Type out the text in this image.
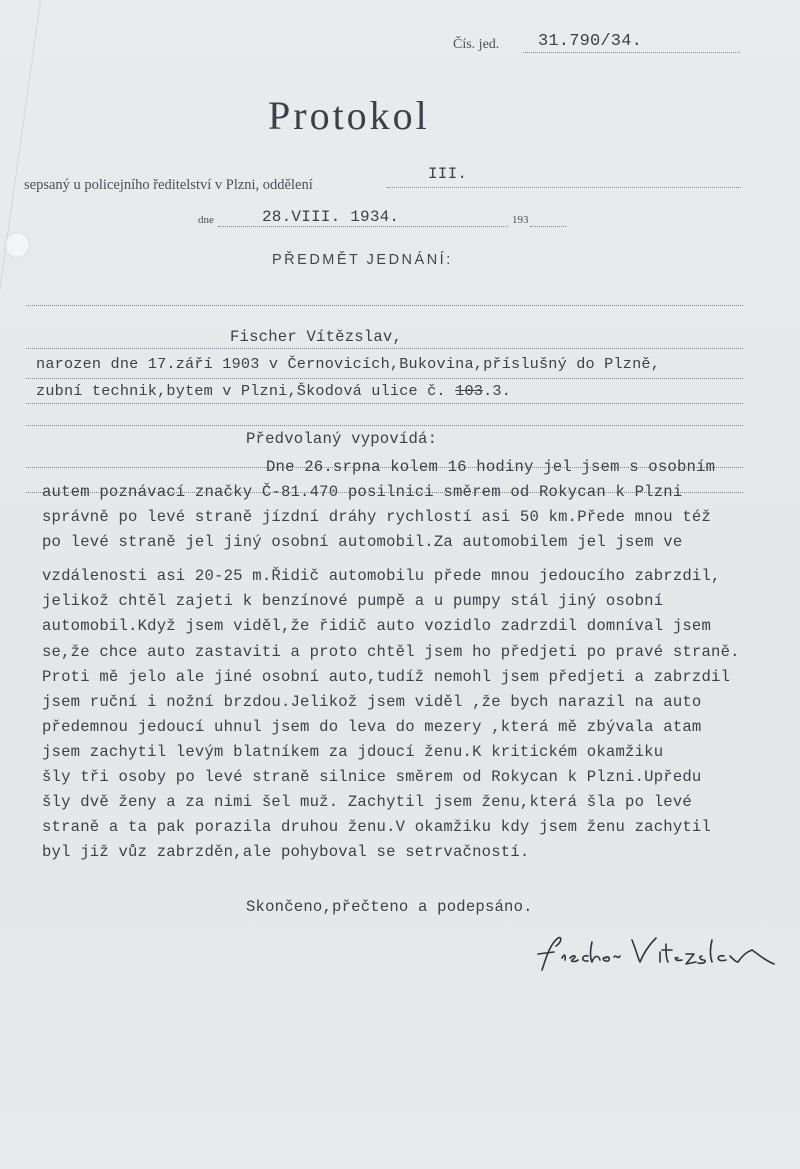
Čís. jed. 31.790/34.
Protokol
sepsaný u policejního ředitelství v Plzni, oddělení
III.
dne	28.VIII. 1934.	193
PŘEDMĚT JEDNÁNÍ:
Fischer Vítězslav,
narozen dne 17.září 1903 v Černovicích,Bukovina,příslušný do Plzně,
zubní technik,bytem v Plzni,Škodová ulice č. 103.3.
Předvolaný vypovídá:
Dne 26.srpna kolem 16 hodiny jel jsem s osobním
autem poznávací značky Č-81.470 posilnici směrem od Rokycan k Plzni
správně po levé straně jízdní dráhy rychlostí asi 50 km.Přede mnou též
po levé straně jel jiný osobní automobil.Za automobilem jel jsem ve
vzdálenosti asi 20-25 m.Řidič automobilu přede mnou jedoucího zabrzdil,
jelikož chtěl zajeti k benzínové pumpě a u pumpy stál jiný osobní
automobil.Když jsem viděl,že řidič auto vozidlo zadrzdil domníval jsem
se,že chce auto zastaviti a proto chtěl jsem ho předjeti po pravé straně.
Proti mě jelo ale jiné osobní auto,tudíž nemohl jsem předjeti a zabrzdil
jsem ruční i nožní brzdou.Jelikož jsem viděl ,že bych narazil na auto
předemnou jedoucí uhnul jsem do leva do mezery ,která mě zbývala atam
jsem zachytil levým blatníkem za jdoucí ženu.K kritickém okamžiku
šly tři osoby po levé straně silnice směrem od Rokycan k Plzni.Upředu
šly dvě ženy a za nimi šel muž. Zachytil jsem ženu,která šla po levé
straně a ta pak porazila druhou ženu.V okamžiku kdy jsem ženu zachytil
byl již vůz zabrzděn,ale pohyboval se setrvačností.
Skončeno,přečteno a podepsáno.
